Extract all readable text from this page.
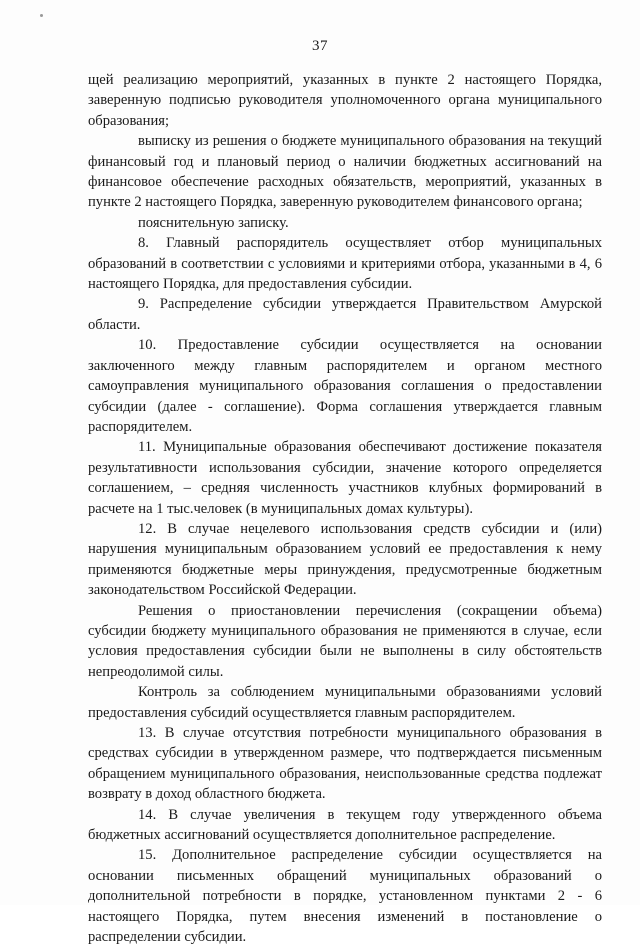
37

щей реализацию мероприятий, указанных в пункте 2 настоящего Порядка, заверенную подписью руководителя уполномоченного органа муниципального образования;

выписку из решения о бюджете муниципального образования на текущий финансовый год и плановый период о наличии бюджетных ассигнований на финансовое обеспечение расходных обязательств, мероприятий, указанных в пункте 2 настоящего Порядка, заверенную руководителем финансового органа;

пояснительную записку.

8. Главный распорядитель осуществляет отбор муниципальных образований в соответствии с условиями и критериями отбора, указанными в 4, 6 настоящего Порядка, для предоставления субсидии.

9. Распределение субсидии утверждается Правительством Амурской области.

10. Предоставление субсидии осуществляется на основании заключенного между главным распорядителем и органом местного самоуправления муниципального образования соглашения о предоставлении субсидии (далее - соглашение). Форма соглашения утверждается главным распорядителем.

11. Муниципальные образования обеспечивают достижение показателя результативности использования субсидии, значение которого определяется соглашением, – средняя численность участников клубных формирований в расчете на 1 тыс.человек (в муниципальных домах культуры).

12. В случае нецелевого использования средств субсидии и (или) нарушения муниципальным образованием условий ее предоставления к нему применяются бюджетные меры принуждения, предусмотренные бюджетным законодательством Российской Федерации.

Решения о приостановлении перечисления (сокращении объема) субсидии бюджету муниципального образования не применяются в случае, если условия предоставления субсидии были не выполнены в силу обстоятельств непреодолимой силы.

Контроль за соблюдением муниципальными образованиями условий предоставления субсидий осуществляется главным распорядителем.

13. В случае отсутствия потребности муниципального образования в средствах субсидии в утвержденном размере, что подтверждается письменным обращением муниципального образования, неиспользованные средства подлежат возврату в доход областного бюджета.

14. В случае увеличения в текущем году утвержденного объема бюджетных ассигнований осуществляется дополнительное распределение.

15. Дополнительное распределение субсидии осуществляется на основании письменных обращений муниципальных образований о дополнительной потребности в порядке, установленном пунктами 2 - 6 настоящего Порядка, путем внесения изменений в постановление о распределении субсидии.
